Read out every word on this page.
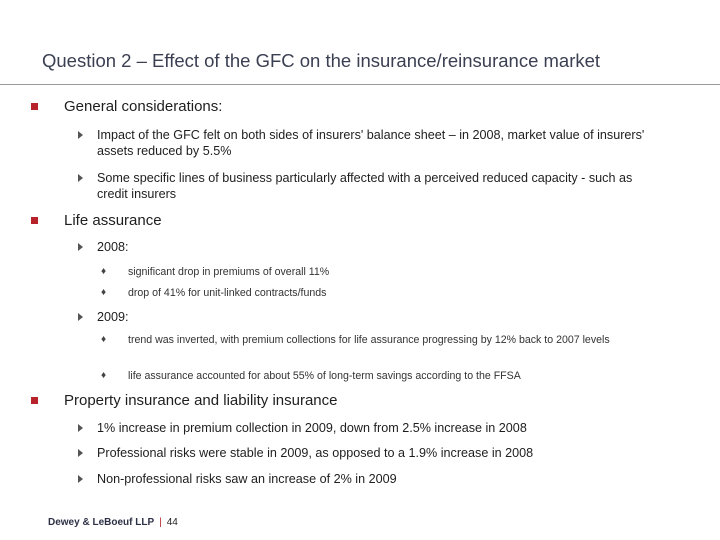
Question 2 – Effect of the GFC on the insurance/reinsurance market
General considerations:
Impact of the GFC felt on both sides of insurers' balance sheet – in 2008, market value of insurers' assets reduced by 5.5%
Some specific lines of business particularly affected with a perceived reduced capacity - such as credit insurers
Life assurance
2008:
♦ significant drop in premiums of overall 11%
♦ drop of 41% for unit-linked contracts/funds
2009:
♦ trend was inverted, with premium collections for life assurance progressing by 12% back to 2007 levels
♦ life assurance accounted for about 55% of long-term savings according to the FFSA
Property insurance and liability insurance
1% increase in premium collection in 2009, down from 2.5% increase in 2008
Professional risks were stable in 2009, as opposed to a 1.9% increase in 2008
Non-professional risks saw an increase of 2% in 2009
Dewey & LeBoeuf LLP | 44
